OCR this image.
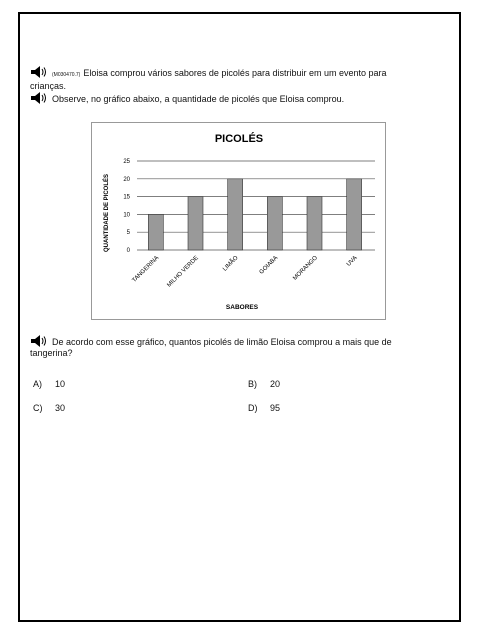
(M030470.7) Eloisa comprou vários sabores de picolés para distribuir em um evento para
crianças.
Observe, no gráfico abaixo, a quantidade de picolés que Eloisa comprou.
PICOLÉS
0
5
10
15
20
25
TANGERINA MILHO VERDE	LIMÃO	GOIABA MORANGO	UVA
SABORES
QUANTIDADE DE PICOLÉS
De acordo com esse gráfico, quantos picolés de limão Eloisa comprou a mais que de
tangerina?
A) 10	B) 20
C) 30	D) 95
